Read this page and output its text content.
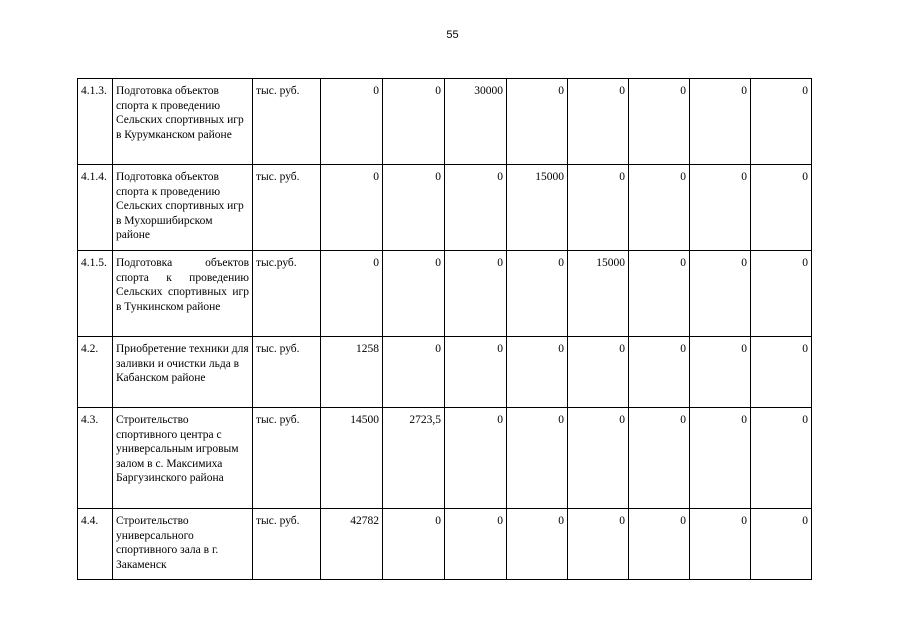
55
4.1.3.	Подготовка объектов спорта к проведению Сельских спортивных игр в Курумканском районе	тыс. руб.	0	0	30000	0	0	0	0	0
4.1.4.	Подготовка объектов спорта к проведению Сельских спортивных игр в Мухоршибирском районе	тыс. руб.	0	0	0	15000	0	0	0	0
4.1.5.	Подготовка объектов спорта к проведению Сельских спортивных игр в Тункинском районе	тыс.руб.	0	0	0	0	15000	0	0	0
4.2.	Приобретение техники для заливки и очистки льда в Кабанском районе	тыс. руб.	1258	0	0	0	0	0	0	0
4.3.	Строительство спортивного центра с универсальным игровым залом в с. Максимиха Баргузинского района	тыс. руб.	14500	2723,5	0	0	0	0	0	0
4.4.	Строительство универсального спортивного зала в г. Закаменск	тыс. руб.	42782	0	0	0	0	0	0	0
